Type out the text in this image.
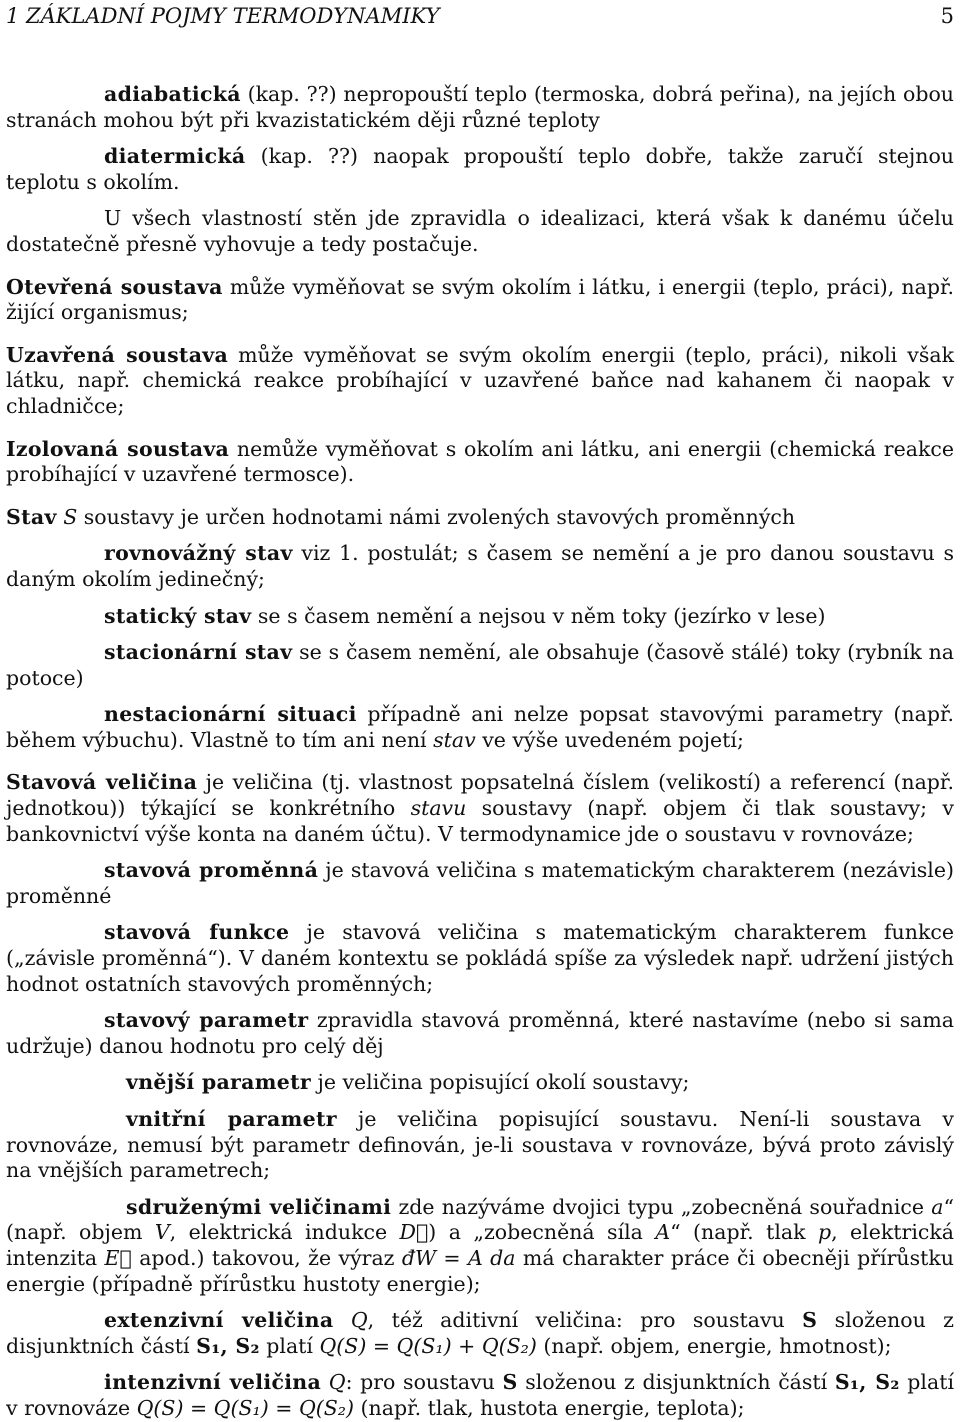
1 ZÁKLADNÍ POJMY TERMODYNAMIKY	5

adiabatická (kap. ??) nepropouští teplo (termoska, dobrá peřina), na jejích obou stranách mohou být při kvazistatickém ději různé teploty

diatermická (kap. ??) naopak propouští teplo dobře, takže zaručí stejnou teplotu s okolím.

U všech vlastností stěn jde zpravidla o idealizaci, která však k danému účelu dostatečně přesně vyhovuje a tedy postačuje.

Otevřená soustava může vyměňovat se svým okolím i látku, i energii (teplo, práci), např. žijící organismus;

Uzavřená soustava může vyměňovat se svým okolím energii (teplo, práci), nikoli však látku, např. chemická reakce probíhající v uzavřené baňce nad kahanem či naopak v chladničce;

Izolovaná soustava nemůže vyměňovat s okolím ani látku, ani energii (chemická reakce probíhající v uzavřené termosce).

Stav S soustavy je určen hodnotami námi zvolených stavových proměnných

rovnovážný stav viz 1. postulát; s časem se nemění a je pro danou soustavu s daným okolím jedinečný;

statický stav se s časem nemění a nejsou v něm toky (jezírko v lese)

stacionární stav se s časem nemění, ale obsahuje (časově stálé) toky (rybník na potoce)

nestacionární situaci případně ani nelze popsat stavovými parametry (např. během výbuchu). Vlastně to tím ani není stav ve výše uvedeném pojetí;

Stavová veličina je veličina (tj. vlastnost popsatelná číslem (velikostí) a referencí (např. jednotkou)) týkající se konkrétního stavu soustavy (např. objem či tlak soustavy; v bankovnictví výše konta na daném účtu). V termodynamice jde o soustavu v rovnováze;

stavová proměnná je stavová veličina s matematickým charakterem (nezávisle) proměnné

stavová funkce je stavová veličina s matematickým charakterem funkce („závisle proměnná“). V daném kontextu se pokládá spíše za výsledek např. udržení jistých hodnot ostatních stavových proměnných;

stavový parametr zpravidla stavová proměnná, které nastavíme (nebo si sama udržuje) danou hodnotu pro celý děj

vnější parametr je veličina popisující okolí soustavy;

vnitřní parametr je veličina popisující soustavu. Není-li soustava v rovnováze, nemusí být parametr definován, je-li soustava v rovnováze, bývá proto závislý na vnějších parametrech;

sdruženými veličinami zde nazýváme dvojici typu „zobecněná souřadnice a“ (např. objem V, elektrická indukce D⃗) a „zobecněná síla A“ (např. tlak p, elektrická intenzita E⃗ apod.) takovou, že výraz đW = A da má charakter práce či obecněji přírůstku energie (případně přírůstku hustoty energie);

extenzivní veličina Q, též aditivní veličina: pro soustavu S složenou z disjunktních částí S₁, S₂ platí Q(S) = Q(S₁) + Q(S₂) (např. objem, energie, hmotnost);

intenzivní veličina Q: pro soustavu S složenou z disjunktních částí S₁, S₂ platí v rovnováze Q(S) = Q(S₁) = Q(S₂) (např. tlak, hustota energie, teplota);
